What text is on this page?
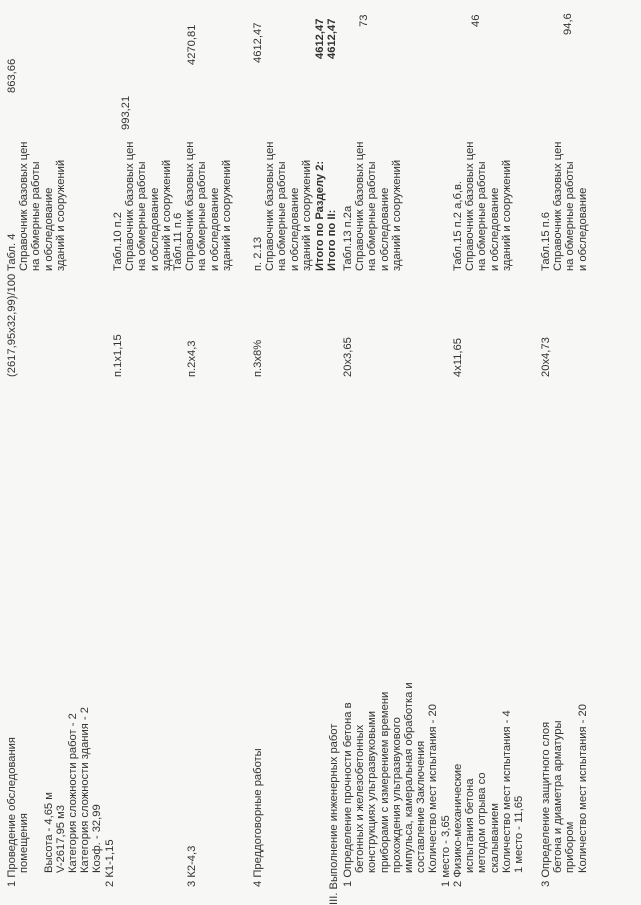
1 Проведение обследования помещения
Высота - 4,65 м V-2617,95 м3 Категория сложности работ - 2 Категория сложности здания - 2 Коэф. - 32,99
(2617,95х32,99)/100
Табл. 4 Справочник базовых цен на обмерные работы и обследование зданий и сооружений
863,66
2 К1-1,15
п.1х1,15
Табл.10 п.2 Справочник базовых цен на обмерные работы и обследование зданий и сооружений
993,21
3 К2-4,3
п.2х4,3
Табл.11 п.6 Справочник базовых цен на обмерные работы и обследование зданий и сооружений
4270,81
4 Преддоговорные работы
п.3х8%
п. 2.13 Справочник базовых цен на обмерные работы и обследование зданий и сооружений
4612,47
Итого по Разделу 2: Итого по II:
4612,47 4612,47
III. Выполнение инженерных работ 1 Определение прочности бетона в бетонных и железобетонных конструкциях ультразвуковыми приборами с измерением времени прохождения ультразвукового импульса, камеральная обработка и составление Заключения Количество мест испытания - 20 1 место - 3,65
20х3,65
Табл.13 п.2а Справочник базовых цен на обмерные работы и обследование зданий и сооружений
73
2 Физико-механические испытания бетона методом отрыва со скалыванием Количество мест испытания - 4 1 место - 11,65
4х11,65
Табл.15 п.2 а,б,в. Справочник базовых цен на обмерные работы и обследование зданий и сооружений
46
3 Определение защитного слоя бетона и диаметра арматуры прибором Количество мест испытания - 20
20х4,73
Табл.15 п.6 Справочник базовых цен на обмерные работы и обследование
94,6
